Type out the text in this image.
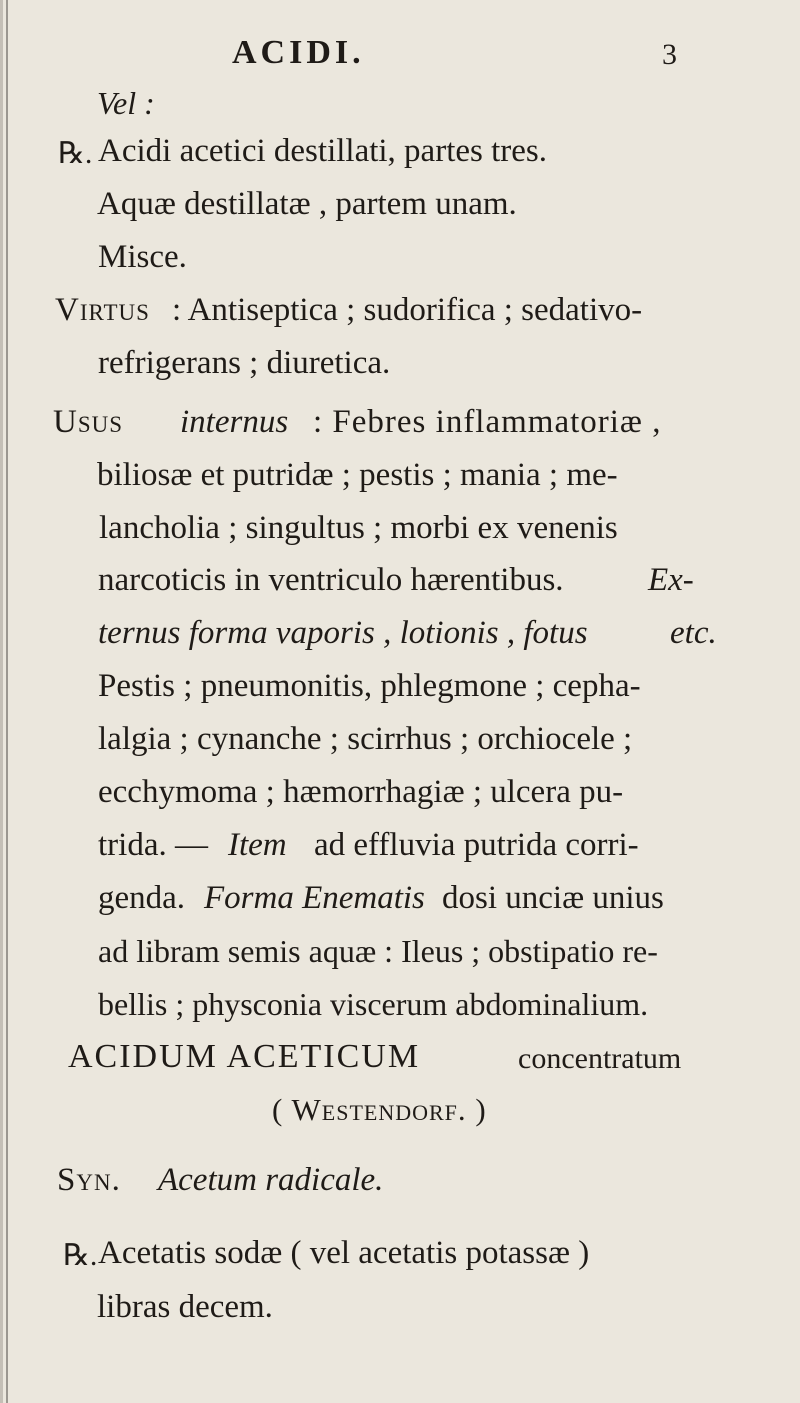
ACIDI.	3
Vel :
℞. Acidi acetici destillati, partes tres.
Aquæ destillatæ , partem unam.
Misce.
Virtus : Antiseptica ; sudorifica ; sedativo-
refrigerans ; diuretica.
Usus internus : Febres inflammatoriæ ,
biliosæ et putridæ ; pestis ; mania ; me-
lancholia ; singultus ; morbi ex venenis
narcoticis in ventriculo hærentibus.	Ex-
ternus forma vaporis , lotionis , fotus etc.
Pestis ; pneumonitis, phlegmone ; cepha-
lalgia ; cynanche ; scirrhus ; orchiocele ;
ecchymoma ; hæmorrhagiæ ; ulcera pu-
trida. — Item ad effluvia putrida corri-
genda. Forma Enematis dosi unciæ unius
ad libram semis aquæ : Ileus ; obstipatio re-
bellis ; physconia viscerum abdominalium.
ACIDUM ACETICUM	concentratum
( Westendorf. )
Syn. Acetum radicale.
℞. Acetatis sodæ ( vel acetatis potassæ )
libras decem.
